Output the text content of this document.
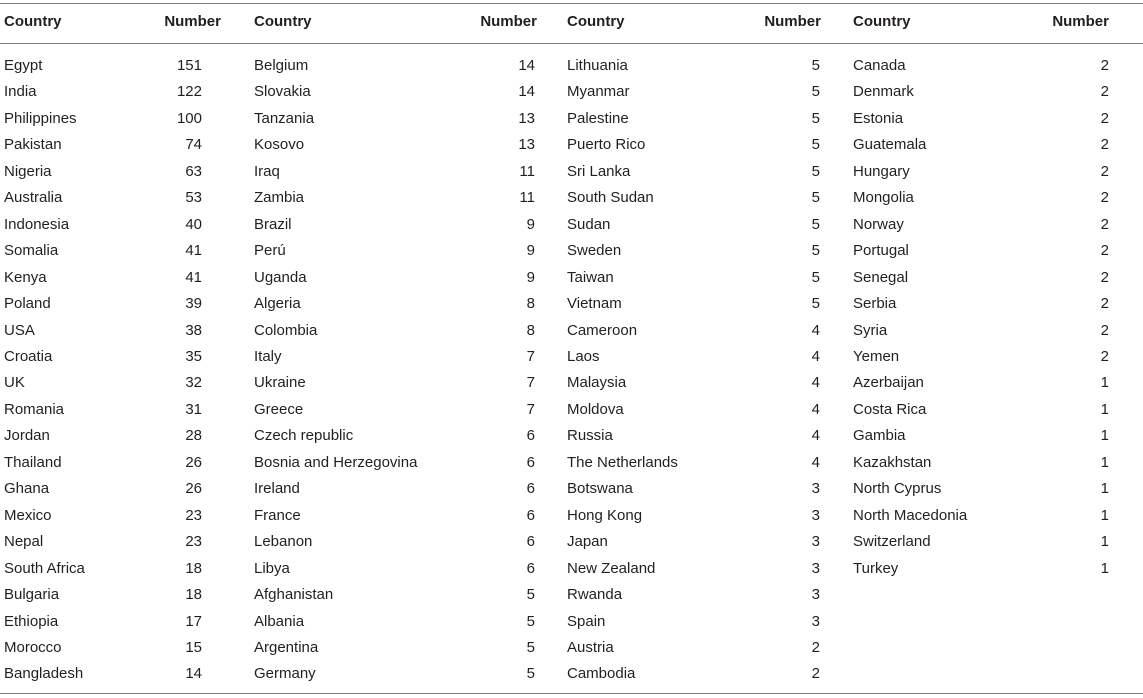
Country	Number	Country	Number	Country	Number	Country	Number
Egypt	151	Belgium	14	Lithuania	5	Canada	2
India	122	Slovakia	14	Myanmar	5	Denmark	2
Philippines	100	Tanzania	13	Palestine	5	Estonia	2
Pakistan	74	Kosovo	13	Puerto Rico	5	Guatemala	2
Nigeria	63	Iraq	11	Sri Lanka	5	Hungary	2
Australia	53	Zambia	11	South Sudan	5	Mongolia	2
Indonesia	40	Brazil	9	Sudan	5	Norway	2
Somalia	41	Perú	9	Sweden	5	Portugal	2
Kenya	41	Uganda	9	Taiwan	5	Senegal	2
Poland	39	Algeria	8	Vietnam	5	Serbia	2
USA	38	Colombia	8	Cameroon	4	Syria	2
Croatia	35	Italy	7	Laos	4	Yemen	2
UK	32	Ukraine	7	Malaysia	4	Azerbaijan	1
Romania	31	Greece	7	Moldova	4	Costa Rica	1
Jordan	28	Czech republic	6	Russia	4	Gambia	1
Thailand	26	Bosnia and Herzegovina	6	The Netherlands	4	Kazakhstan	1
Ghana	26	Ireland	6	Botswana	3	North Cyprus	1
Mexico	23	France	6	Hong Kong	3	North Macedonia	1
Nepal	23	Lebanon	6	Japan	3	Switzerland	1
South Africa	18	Libya	6	New Zealand	3	Turkey	1
Bulgaria	18	Afghanistan	5	Rwanda	3		
Ethiopia	17	Albania	5	Spain	3		
Morocco	15	Argentina	5	Austria	2		
Bangladesh	14	Germany	5	Cambodia	2		
